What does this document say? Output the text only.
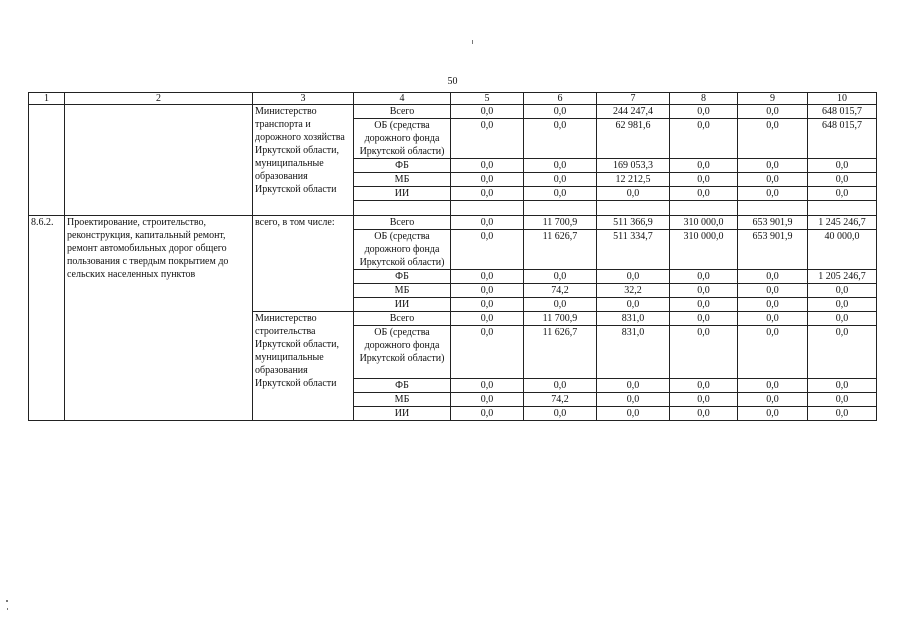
50
1	2	3	4	5	6	7	8	9	10
		Министерство транспорта и дорожного хозяйства Иркутской области, муниципальные образования Иркутской области	Всего	0,0	0,0	244 247,4	0,0	0,0	648 015,7
			ОБ (средства дорожного фонда Иркутской области)	0,0	0,0	62 981,6	0,0	0,0	648 015,7
			ФБ	0,0	0,0	169 053,3	0,0	0,0	0,0
			МБ	0,0	0,0	12 212,5	0,0	0,0	0,0
			ИИ	0,0	0,0	0,0	0,0	0,0	0,0

8.6.2.	Проектирование, строительство, реконструкция, капитальный ремонт, ремонт автомобильных дорог общего пользования с твердым покрытием до сельских населенных пунктов	всего, в том числе:	Всего	0,0	11 700,9	511 366,9	310 000,0	653 901,9	1 245 246,7
			ОБ (средства дорожного фонда Иркутской области)	0,0	11 626,7	511 334,7	310 000,0	653 901,9	40 000,0
			ФБ	0,0	0,0	0,0	0,0	0,0	1 205 246,7
			МБ	0,0	74,2	32,2	0,0	0,0	0,0
			ИИ	0,0	0,0	0,0	0,0	0,0	0,0
		Министерство строительства Иркутской области, муниципальные образования Иркутской области	Всего	0,0	11 700,9	831,0	0,0	0,0	0,0
			ОБ (средства дорожного фонда Иркутской области)	0,0	11 626,7	831,0	0,0	0,0	0,0
			ФБ	0,0	0,0	0,0	0,0	0,0	0,0
			МБ	0,0	74,2	0,0	0,0	0,0	0,0
			ИИ	0,0	0,0	0,0	0,0	0,0	0,0
